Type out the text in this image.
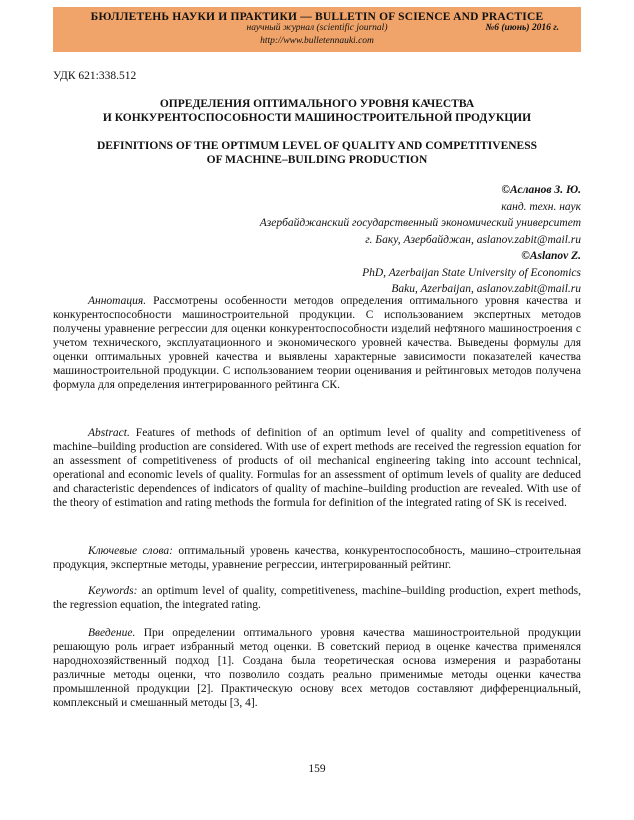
БЮЛЛЕТЕНЬ НАУКИ И ПРАКТИКИ — BULLETIN OF SCIENCE AND PRACTICE
научный журнал (scientific journal)	№6 (июнь) 2016 г.
http://www.bulletennauki.com
УДК 621:338.512
ОПРЕДЕЛЕНИЯ ОПТИМАЛЬНОГО УРОВНЯ КАЧЕСТВА
И КОНКУРЕНТОСПОСОБНОСТИ МАШИНОСТРОИТЕЛЬНОЙ ПРОДУКЦИИ
DEFINITIONS OF THE OPTIMUM LEVEL OF QUALITY AND COMPETITIVENESS
OF MACHINE–BUILDING PRODUCTION
©Асланов З. Ю.
канд. техн. наук
Азербайджанский государственный экономический университет
г. Баку, Азербайджан, aslanov.zabit@mail.ru
©Aslanov Z.
PhD, Azerbaijan State University of Economics
Baku, Azerbaijan, aslanov.zabit@mail.ru

Аннотация. Рассмотрены особенности методов определения оптимального уровня качества и конкурентоспособности машиностроительной продукции. С использованием экспертных методов получены уравнение регрессии для оценки конкурентоспособности изделий нефтяного машиностроения с учетом технического, эксплуатационного и экономического уровней качества. Выведены формулы для оценки оптимальных уровней качества и выявлены характерные зависимости показателей качества машиностроительной продукции. С использованием теории оценивания и рейтинговых методов получена формула для определения интегрированного рейтинга СК.

Abstract. Features of methods of definition of an optimum level of quality and competitiveness of machine–building production are considered. With use of expert methods are received the regression equation for an assessment of competitiveness of products of oil mechanical engineering taking into account technical, operational and economic levels of quality. Formulas for an assessment of optimum levels of quality are deduced and characteristic dependences of indicators of quality of machine–building production are revealed. With use of the theory of estimation and rating methods the formula for definition of the integrated rating of SK is received.

Ключевые слова: оптимальный уровень качества, конкурентоспособность, машино–строительная продукция, экспертные методы, уравнение регрессии, интегрированный рейтинг.

Keywords: an optimum level of quality, competitiveness, machine–building production, expert methods, the regression equation, the integrated rating.

Введение. При определении оптимального уровня качества машиностроительной продукции решающую роль играет избранный метод оценки. В советский период в оценке качества применялся народнохозяйственный подход [1]. Создана была теоретическая основа измерения и разработаны различные методы оценки, что позволило создать реально применимые методы оценки качества промышленной продукции [2]. Практическую основу всех методов составляют дифференциальный, комплексный и смешанный методы [3, 4].

159
